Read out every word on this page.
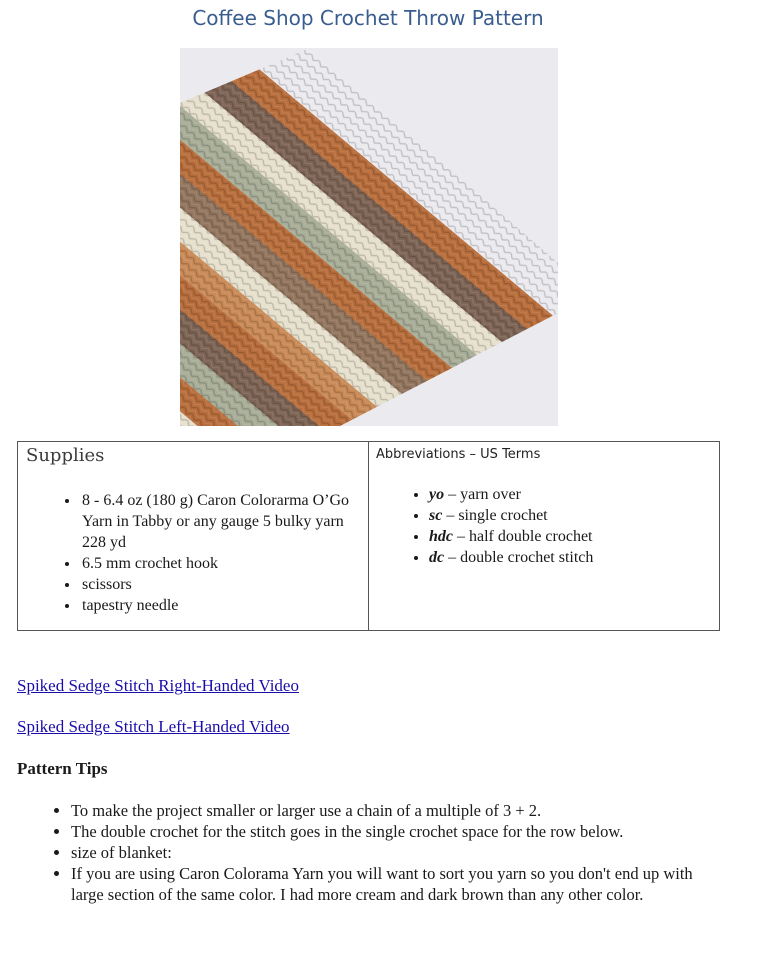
Coffee Shop Crochet Throw Pattern
Supplies
• 8 - 6.4 oz (180 g) Caron Colorarma O’Go Yarn in Tabby or any gauge 5 bulky yarn 228 yd
• 6.5 mm crochet hook
• scissors
• tapestry needle

Abbreviations – US Terms
• yo – yarn over
• sc – single crochet
• hdc – half double crochet
• dc – double crochet stitch
Spiked Sedge Stitch Right-Handed Video
Spiked Sedge Stitch Left-Handed Video
Pattern Tips
• To make the project smaller or larger use a chain of a multiple of 3 + 2.
• The double crochet for the stitch goes in the single crochet space for the row below.
• size of blanket:
• If you are using Caron Colorama Yarn you will want to sort you yarn so you don't end up with large section of the same color. I had more cream and dark brown than any other color.
